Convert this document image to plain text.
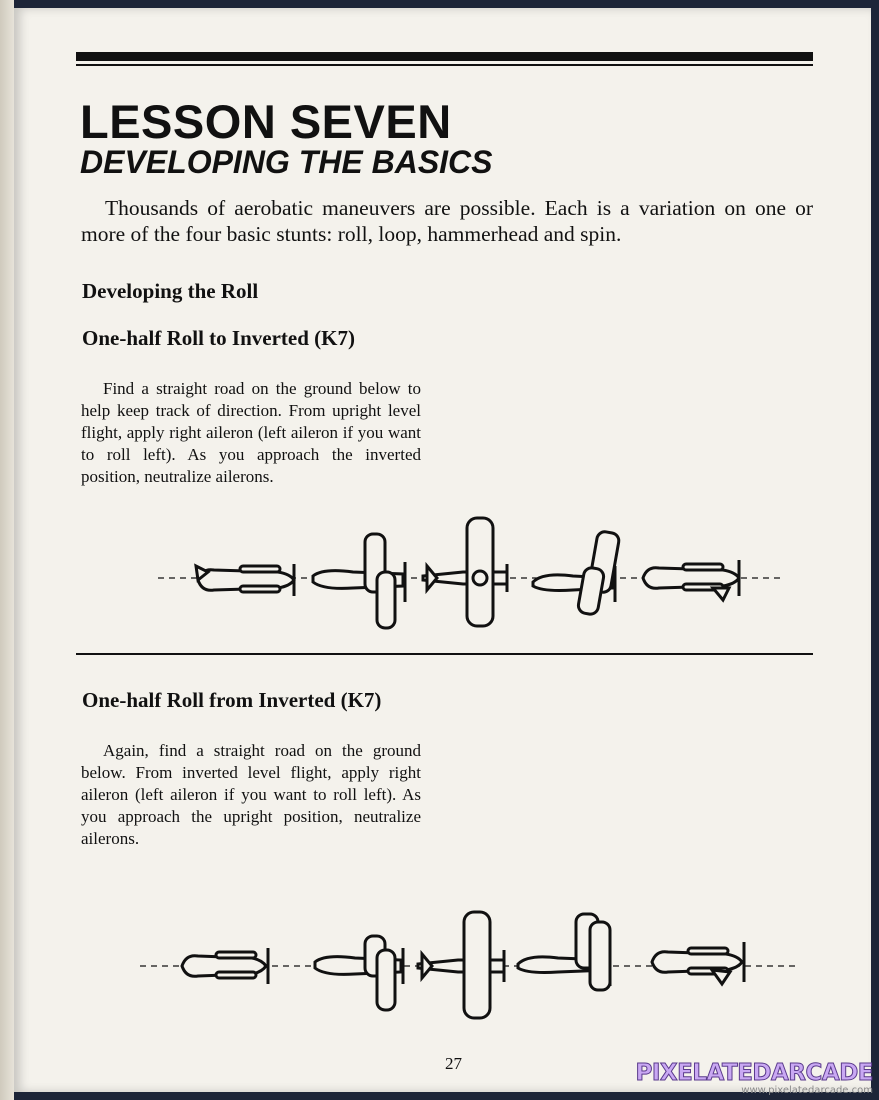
LESSON SEVEN
DEVELOPING THE BASICS

Thousands of aerobatic maneuvers are possible. Each is a variation on one or more of the four basic stunts: roll, loop, hammerhead and spin.

Developing the Roll
One-half Roll to Inverted (K7)

Find a straight road on the ground below to help keep track of direction. From upright level flight, apply right aileron (left aileron if you want to roll left). As you approach the inverted position, neutralize ailerons.

One-half Roll from Inverted (K7)

Again, find a straight road on the ground below. From inverted level flight, apply right aileron (left aileron if you want to roll left). As you approach the upright position, neutralize ailerons.

27	PIXELATEDARCADE
www.pixelatedarcade.com
